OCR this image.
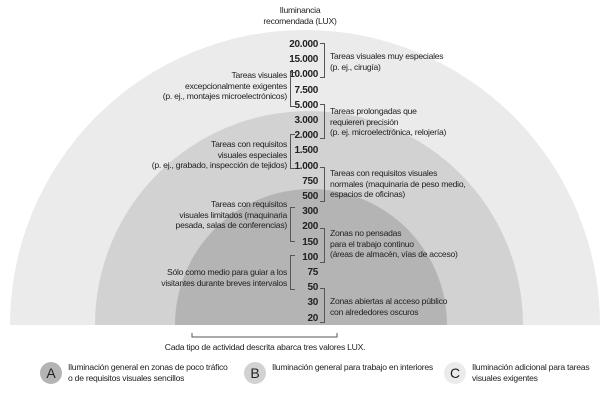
Iluminancia
recomendada (LUX)
20.000
15.000
10.000
7.500
5.000
3.000
2.000
1.500
1.000
750
500
300
200
150
100
75
50
30
20
Tareas visuales
excepcionalmente exigentes
(p. ej., montajes microelectrónicos)
Tareas con requisitos
visuales especiales
(p. ej., grabado, inspección de tejidos)
Tareas con requisitos
visuales limitados (maquinaria
pesada, salas de conferencias)
Sólo como medio para guiar a los
visitantes durante breves intervalos
Tareas visuales muy especiales
(p. ej., cirugía)
Tareas prolongadas que
requieren precisión
(p. ej. microelectrónica, relojería)
Tareas con requisitos visuales
normales (maquinaria de peso medio,
espacios de oficinas)
Zonas no pensadas
para el trabajo continuo
(áreas de almacén, vías de acceso)
Zonas abiertas al acceso público
con alrededores oscuros
Cada tipo de actividad descrita abarca tres valores LUX.
A	Iluminación general en zonas de poco tráfico
o de requisitos visuales sencillos	B	Iluminación general para trabajo en interiores	C	Iluminación adicional para tareas
visuales exigentes
